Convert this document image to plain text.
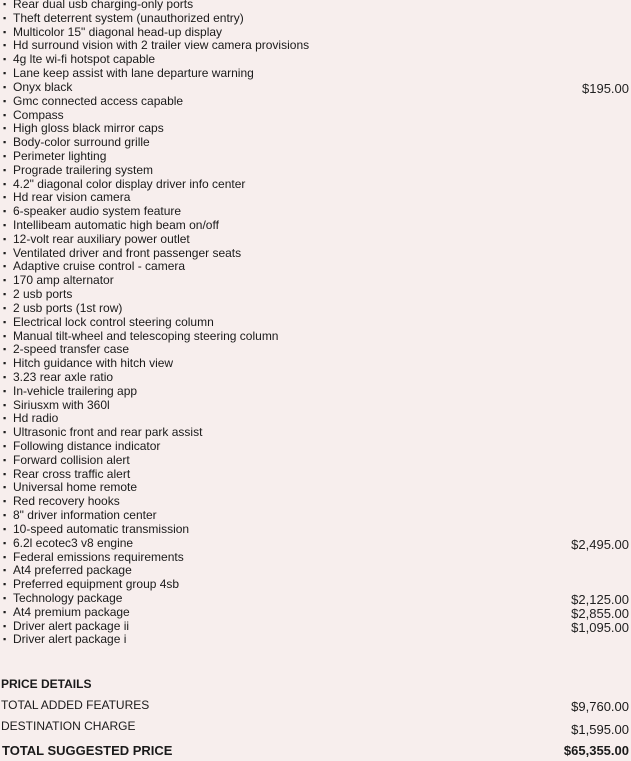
▪ Rear dual usb charging-only ports
▪ Theft deterrent system (unauthorized entry)
▪ Multicolor 15" diagonal head-up display
▪ Hd surround vision with 2 trailer view camera provisions
▪ 4g lte wi-fi hotspot capable
▪ Lane keep assist with lane departure warning
▪ Onyx black	$195.00
▪ Gmc connected access capable
▪ Compass
▪ High gloss black mirror caps
▪ Body-color surround grille
▪ Perimeter lighting
▪ Prograde trailering system
▪ 4.2" diagonal color display driver info center
▪ Hd rear vision camera
▪ 6-speaker audio system feature
▪ Intellibeam automatic high beam on/off
▪ 12-volt rear auxiliary power outlet
▪ Ventilated driver and front passenger seats
▪ Adaptive cruise control - camera
▪ 170 amp alternator
▪ 2 usb ports
▪ 2 usb ports (1st row)
▪ Electrical lock control steering column
▪ Manual tilt-wheel and telescoping steering column
▪ 2-speed transfer case
▪ Hitch guidance with hitch view
▪ 3.23 rear axle ratio
▪ In-vehicle trailering app
▪ Siriusxm with 360l
▪ Hd radio
▪ Ultrasonic front and rear park assist
▪ Following distance indicator
▪ Forward collision alert
▪ Rear cross traffic alert
▪ Universal home remote
▪ Red recovery hooks
▪ 8" driver information center
▪ 10-speed automatic transmission
▪ 6.2l ecotec3 v8 engine	$2,495.00
▪ Federal emissions requirements
▪ At4 preferred package
▪ Preferred equipment group 4sb
▪ Technology package	$2,125.00
▪ At4 premium package	$2,855.00
▪ Driver alert package ii	$1,095.00
▪ Driver alert package i
PRICE DETAILS
TOTAL ADDED FEATURES	$9,760.00
DESTINATION CHARGE	$1,595.00
TOTAL SUGGESTED PRICE	$65,355.00
